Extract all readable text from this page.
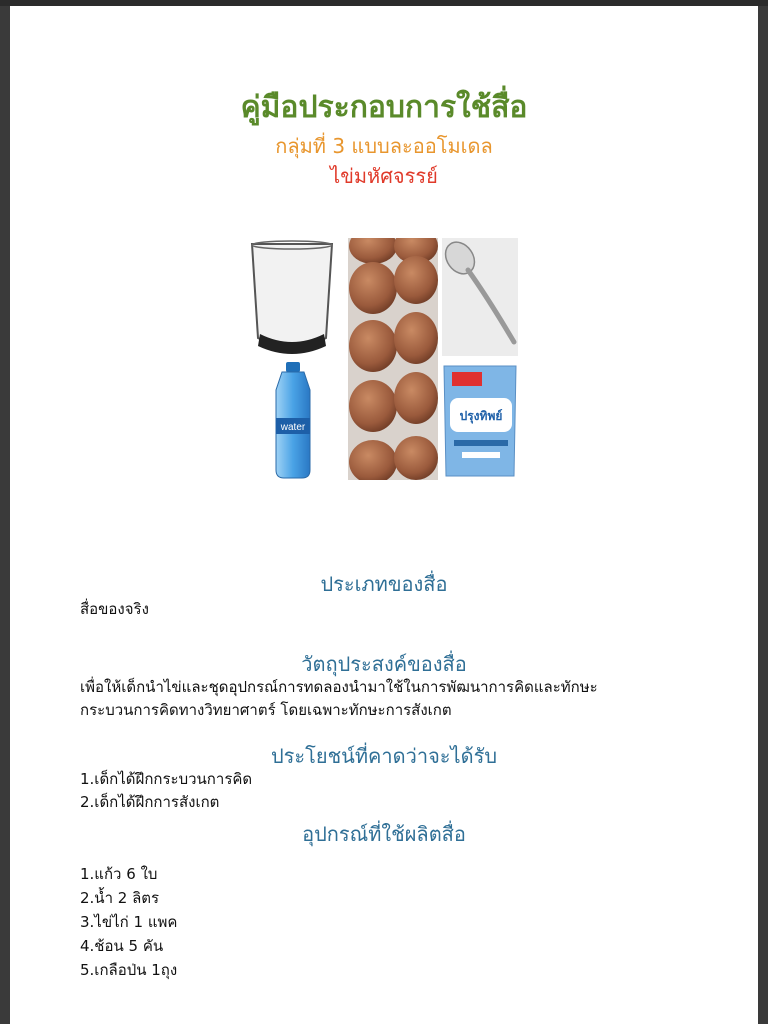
คู่มือประกอบการใช้สื่อ
กลุ่มที่ 3 แบบละออโมเดล
ไข่มหัศจรรย์
water
ปรุงทิพย์
ประเภทของสื่อ
สื่อของจริง
วัตถุประสงค์ของสื่อ
เพื่อให้เด็กนำไข่และชุดอุปกรณ์การทดลองนำมาใช้ในการพัฒนาการคิดและทักษะ
กระบวนการคิดทางวิทยาศาตร์ โดยเฉพาะทักษะการสังเกต
ประโยชน์ที่คาดว่าจะได้รับ
1.เด็กได้ฝึกกระบวนการคิด
2.เด็กได้ฝึกการสังเกต
อุปกรณ์ที่ใช้ผลิตสื่อ
1.แก้ว 6 ใบ
2.น้ำ 2 ลิตร
3.ไข่ไก่ 1 แพค
4.ช้อน 5 คัน
5.เกลือป่น 1ถุง
